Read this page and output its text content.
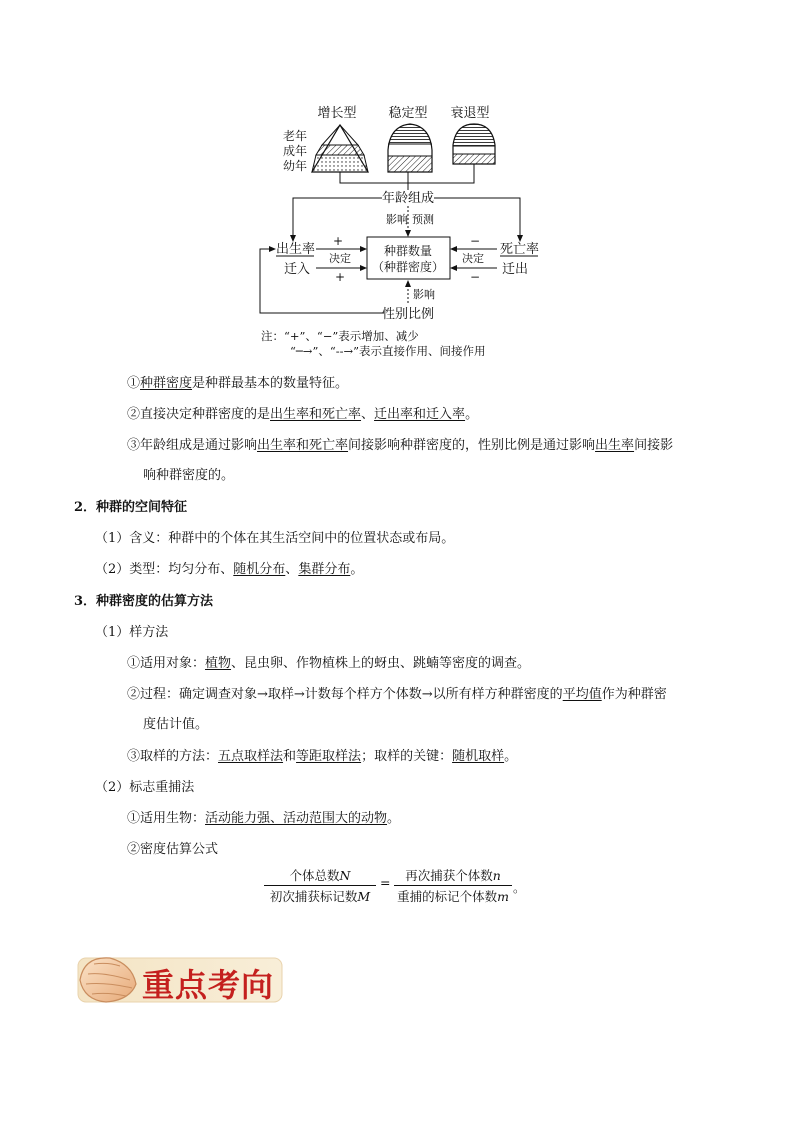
增长型 稳定型 衰退型
老年
成年
幼年
年龄组成
影响 预测
种群数量
（种群密度）
出生率
迁入
+
决定
+
死亡率
迁出
−
决定
−
影响
性别比例
注：“+”、“−”表示增加、减少
“─→”、“--→”表示直接作用、间接作用
①种群密度是种群最基本的数量特征。
②直接决定种群密度的是出生率和死亡率、迁出率和迁入率。
③年龄组成是通过影响出生率和死亡率间接影响种群密度的，性别比例是通过影响出生率间接影
响种群密度的。
2．种群的空间特征
（1）含义：种群中的个体在其生活空间中的位置状态或布局。
（2）类型：均匀分布、随机分布、集群分布。
3．种群密度的估算方法
（1）样方法
①适用对象：植物、昆虫卵、作物植株上的蚜虫、跳蝻等密度的调查。
②过程：确定调查对象→取样→计数每个样方个体数→以所有样方种群密度的平均值作为种群密
度估计值。
③取样的方法：五点取样法和等距取样法；取样的关键：随机取样。
（2）标志重捕法
①适用生物：活动能力强、活动范围大的动物。
②密度估算公式
个体总数N
初次捕获标记数M
=	再次捕获个体数n
重捕的标记个体数m
。
重点考向
